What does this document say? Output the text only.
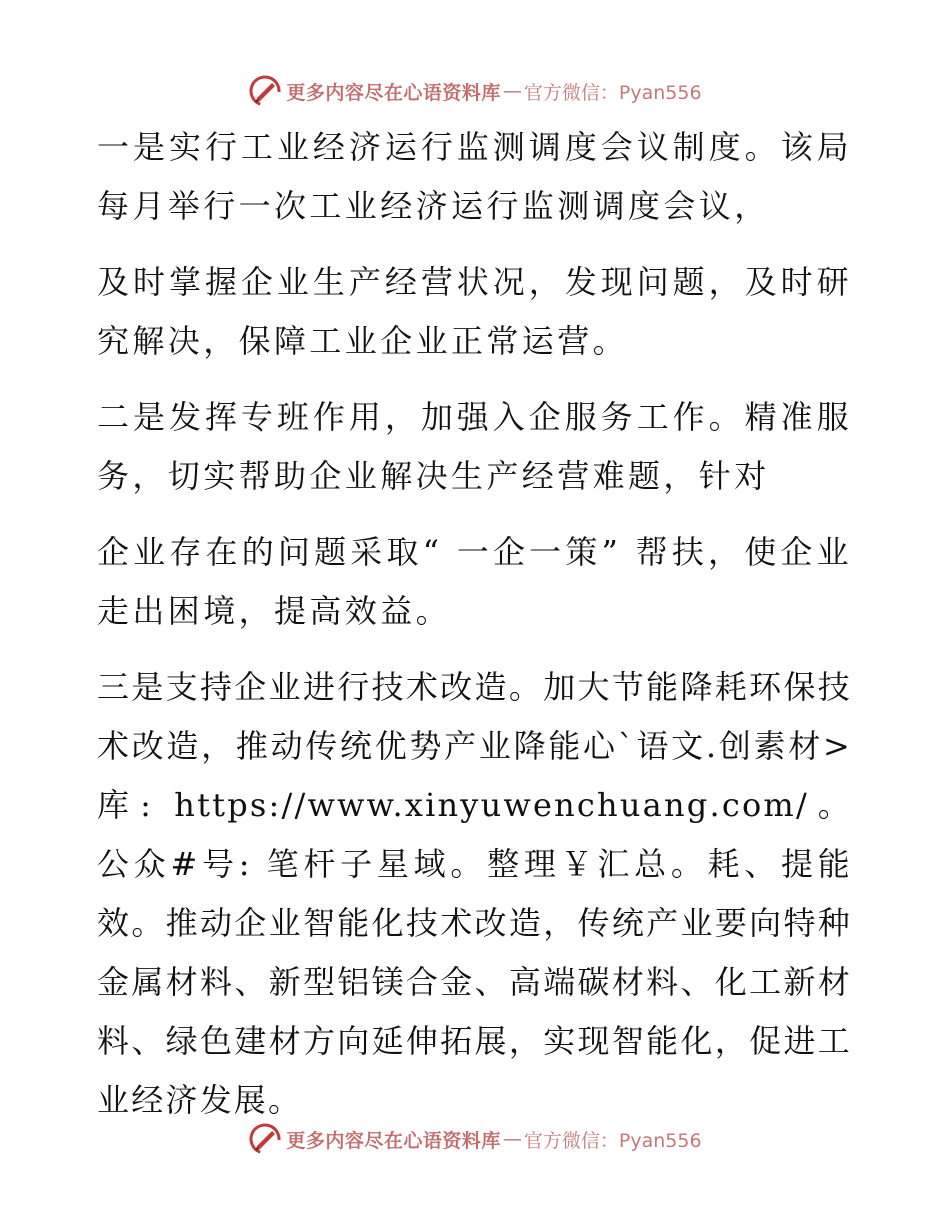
更多内容尽在心语资料库 — 官方微信：Pyan556

一是实行工业经济运行监测调度会议制度。该局每月举行一次工业经济运行监测调度会议，

及时掌握企业生产经营状况，发现问题，及时研究解决，保障工业企业正常运营。

二是发挥专班作用，加强入企服务工作。精准服务，切实帮助企业解决生产经营难题，针对

企业存在的问题采取“ 一企一策” 帮扶，使企业走出困境，提高效益。

三是支持企业进行技术改造。加大节能降耗环保技术改造，推动传统优势产业降能心`语文.创素材>库: https://www.xinyuwenchuang.com/。公众#号: 笔杆子星域。整理￥汇总。耗、提能效。推动企业智能化技术改造，传统产业要向特种金属材料、新型铝镁合金、高端碳材料、化工新材料、绿色建材方向延伸拓展，实现智能化，促进工业经济发展。

更多内容尽在心语资料库 — 官方微信：Pyan556
